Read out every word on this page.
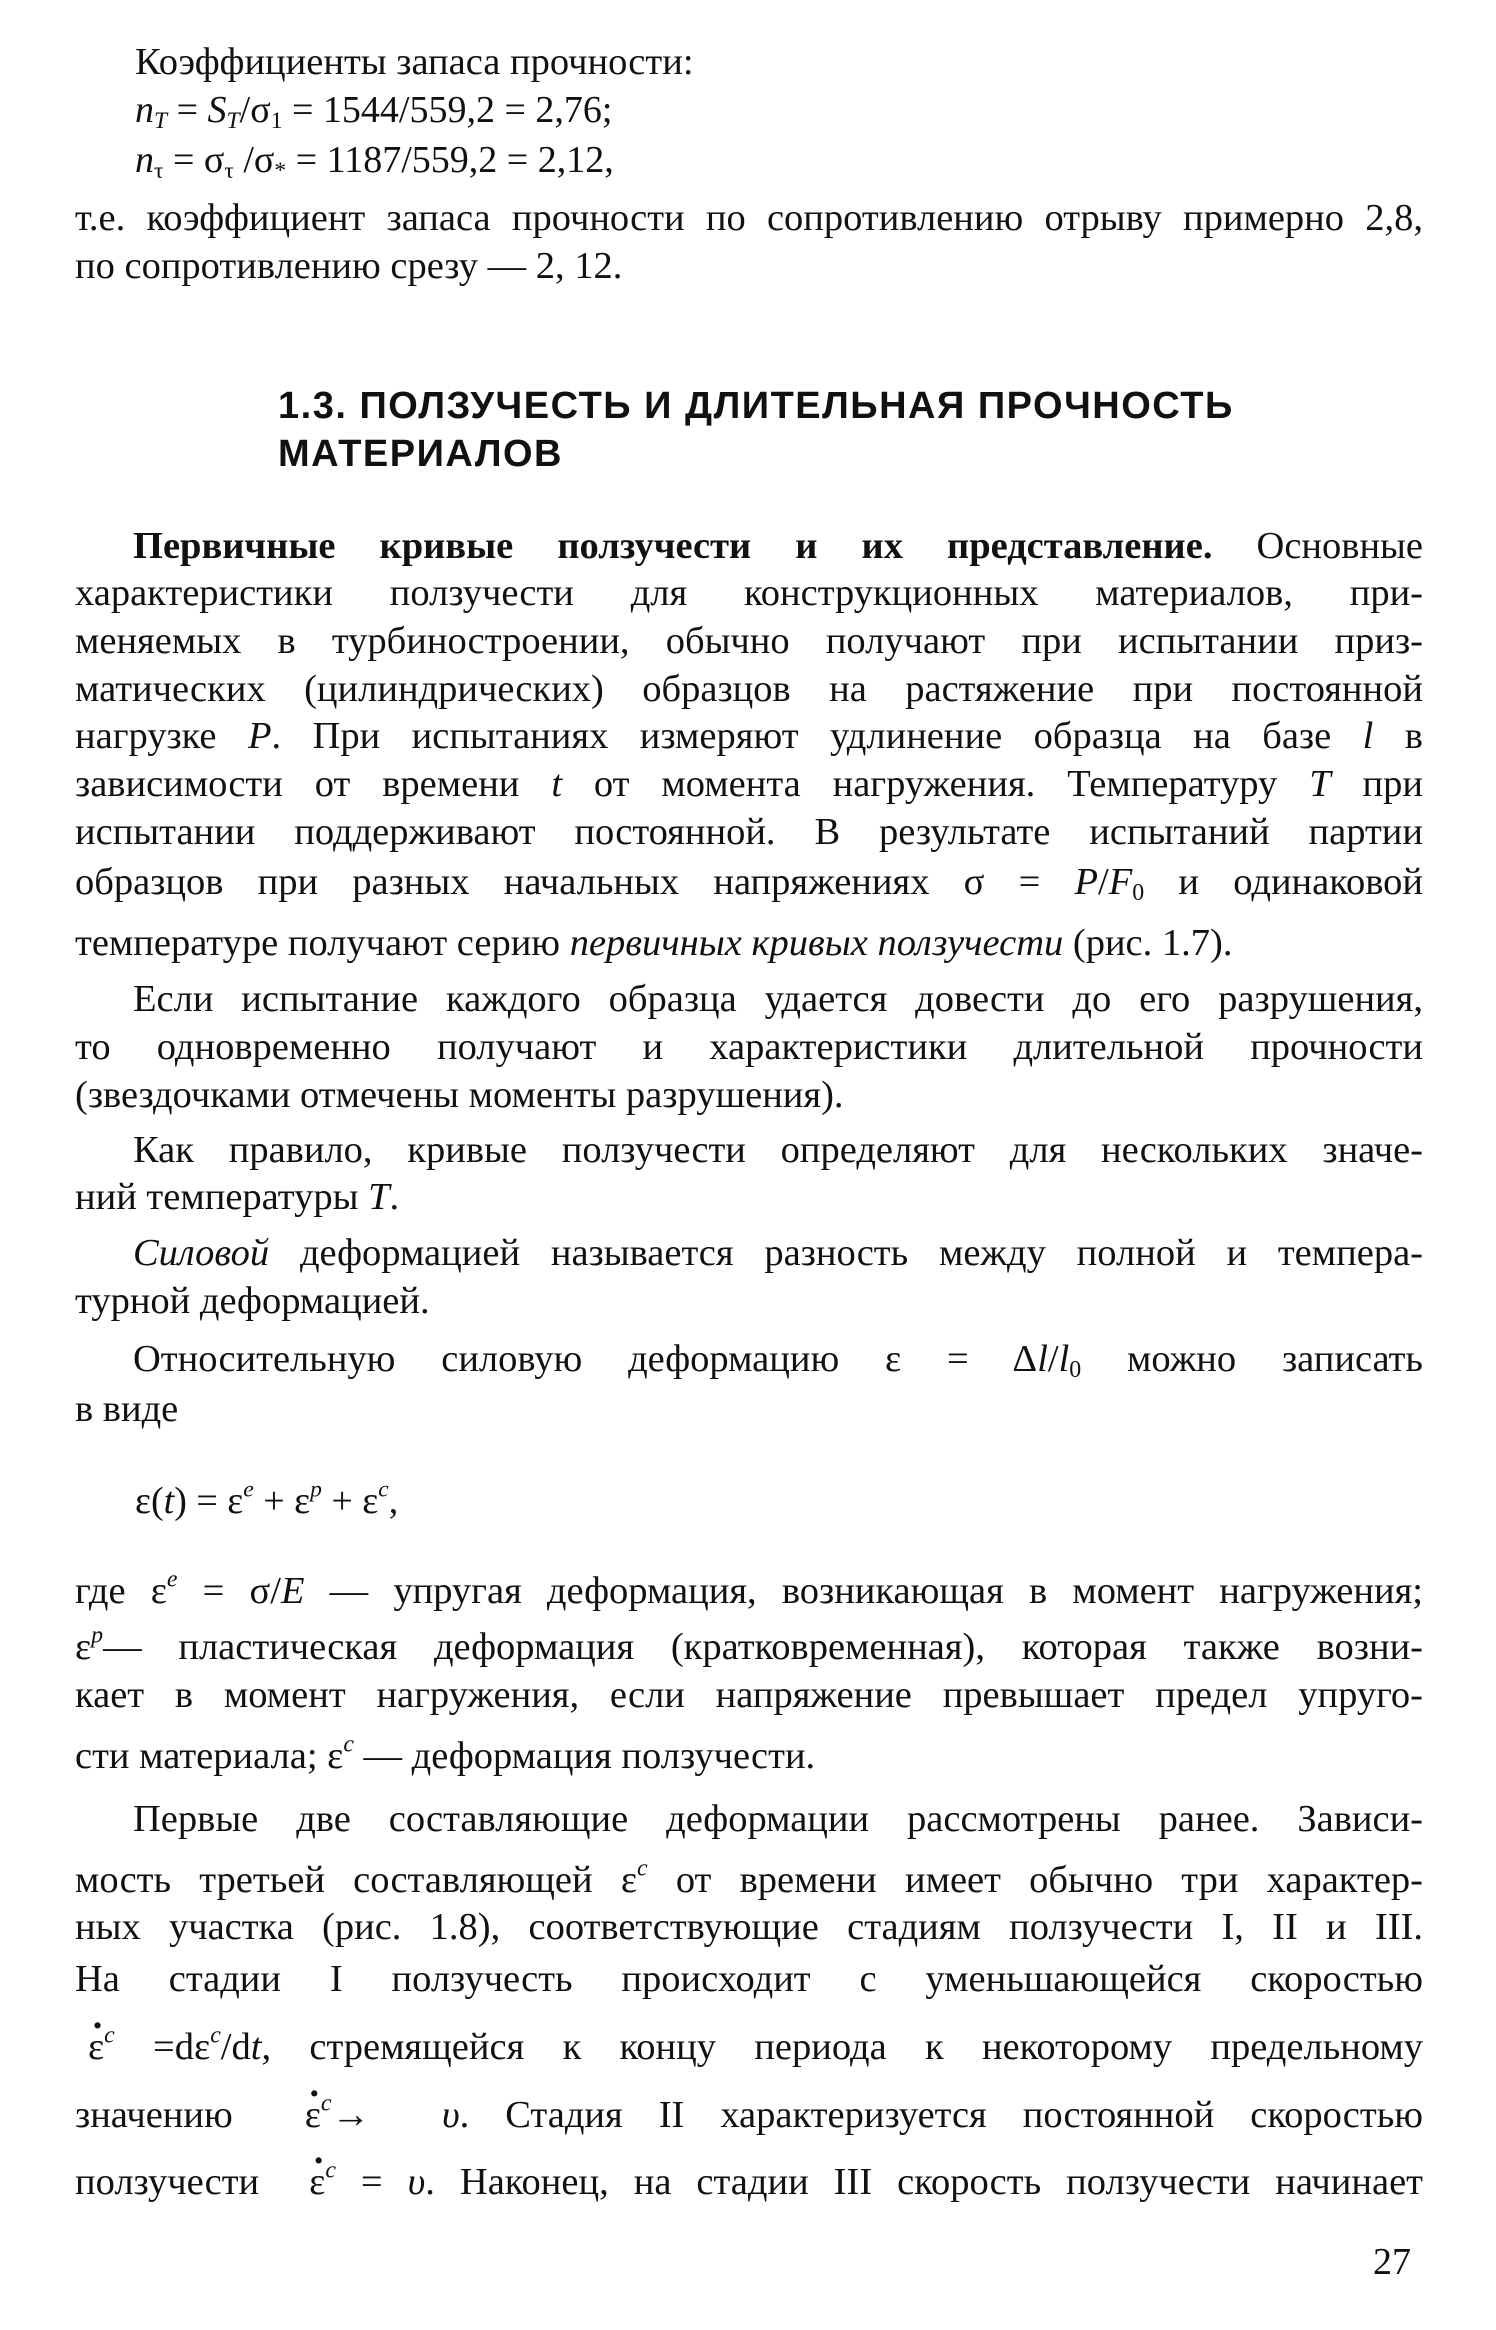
Коэффициенты запаса прочности:
$n_T = S_T/\sigma_1 = 1544/559,2 = 2,76$;
$n_\tau = \sigma_\tau$ $/\sigma_* = 1187/559,2 = 2,12$,
т.е. коэффициент запаса прочности по сопротивлению отрыву примерно 2,8,
по сопротивлению срезу — 2, 12.
1.3. ПОЛЗУЧЕСТЬ И ДЛИТЕЛЬНАЯ ПРОЧНОСТЬ
МАТЕРИАЛОВ
Первичные кривые ползучести и их представление. Основные
характеристики ползучести для конструкционных материалов, при-
меняемых в турбиностроении, обычно получают при испытании приз-
матических (цилиндрических) образцов на растяжение при постоянной
нагрузке P. При испытаниях измеряют удлинение образца на базе l в
зависимости от времени t от момента нагружения. Температуру T при
испытании поддерживают постоянной. В результате испытаний партии
образцов при разных начальных напряжениях $\sigma = P/F_0$ и одинаковой
температуре получают серию первичных кривых ползучести (рис. 1.7).
Если испытание каждого образца удается довести до его разрушения,
то одновременно получают и характеристики длительной прочности
(звездочками отмечены моменты разрушения).
Как правило, кривые ползучести определяют для нескольких значе-
ний температуры T.
Силовой деформацией называется разность между полной и темпера-
турной деформацией.
Относительную силовую деформацию $\varepsilon = \Delta l/l_0$ можно записать
в виде
$\varepsilon(t) = \varepsilon^e + \varepsilon^p + \varepsilon^c$,
где $\varepsilon^e = \sigma/E$ — упругая деформация, возникающая в момент нагружения;
$\varepsilon^p—$ пластическая деформация (кратковременная), которая также возни-
кает в момент нагружения, если напряжение превышает предел упруго-
сти материала; $\varepsilon^c$ — деформация ползучести.
Первые две составляющие деформации рассмотрены ранее. Зависи-
мость третьей составляющей $\varepsilon^c$ от времени имеет обычно три характер-
ных участка (рис. 1.8), соответствующие стадиям ползучести I, II и III.
На стадии I ползучесть происходит с уменьшающейся скоростью
· $\varepsilon^c =d\varepsilon^c/dt$, стремящейся к концу периода к некоторому предельному
значению · $\varepsilon^c\to \upsilon$. Стадия II характеризуется постоянной скоростью
ползучести · $\varepsilon^c = \upsilon$. Наконец, на стадии III скорость ползучести начинает
27
